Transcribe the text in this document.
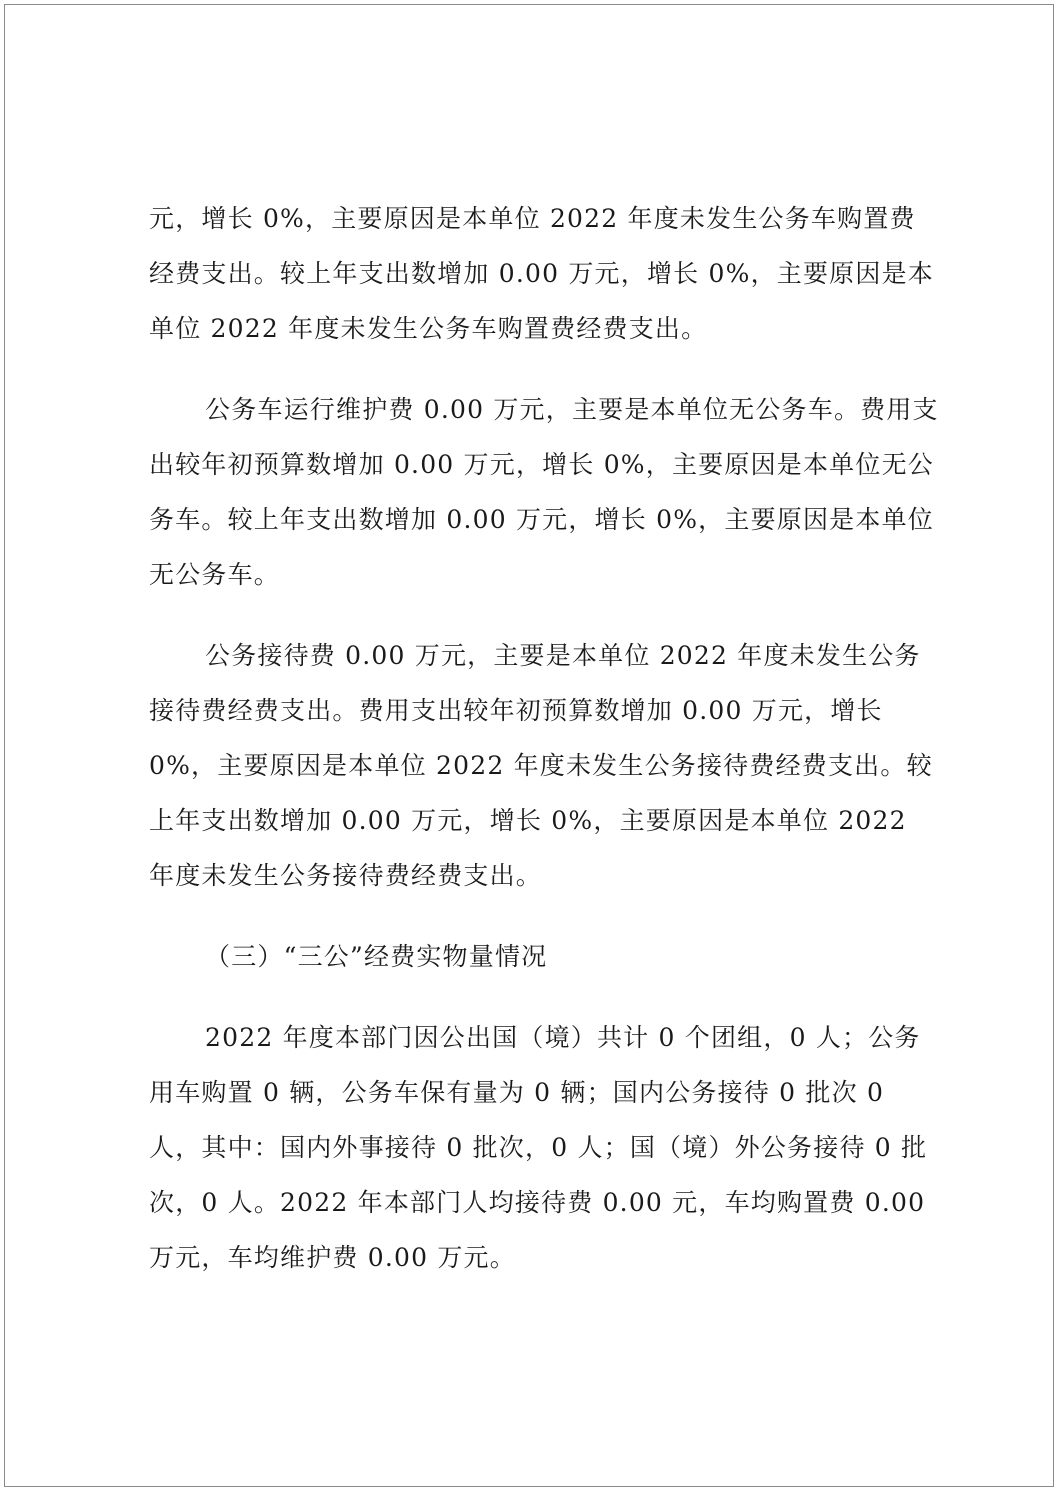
元，增长 0%，主要原因是本单位 2022 年度未发生公务车购置费经费支出。较上年支出数增加 0.00 万元，增长 0%，主要原因是本单位 2022 年度未发生公务车购置费经费支出。

公务车运行维护费 0.00 万元，主要是本单位无公务车。费用支出较年初预算数增加 0.00 万元，增长 0%，主要原因是本单位无公务车。较上年支出数增加 0.00 万元，增长 0%，主要原因是本单位无公务车。

公务接待费 0.00 万元，主要是本单位 2022 年度未发生公务接待费经费支出。费用支出较年初预算数增加 0.00 万元，增长 0%，主要原因是本单位 2022 年度未发生公务接待费经费支出。较上年支出数增加 0.00 万元，增长 0%，主要原因是本单位 2022 年度未发生公务接待费经费支出。

（三）“三公”经费实物量情况

2022 年度本部门因公出国（境）共计 0 个团组，0 人；公务用车购置 0 辆，公务车保有量为 0 辆；国内公务接待 0 批次 0 人，其中：国内外事接待 0 批次，0 人；国（境）外公务接待 0 批次，0 人。2022 年本部门人均接待费 0.00 元，车均购置费 0.00 万元，车均维护费 0.00 万元。
